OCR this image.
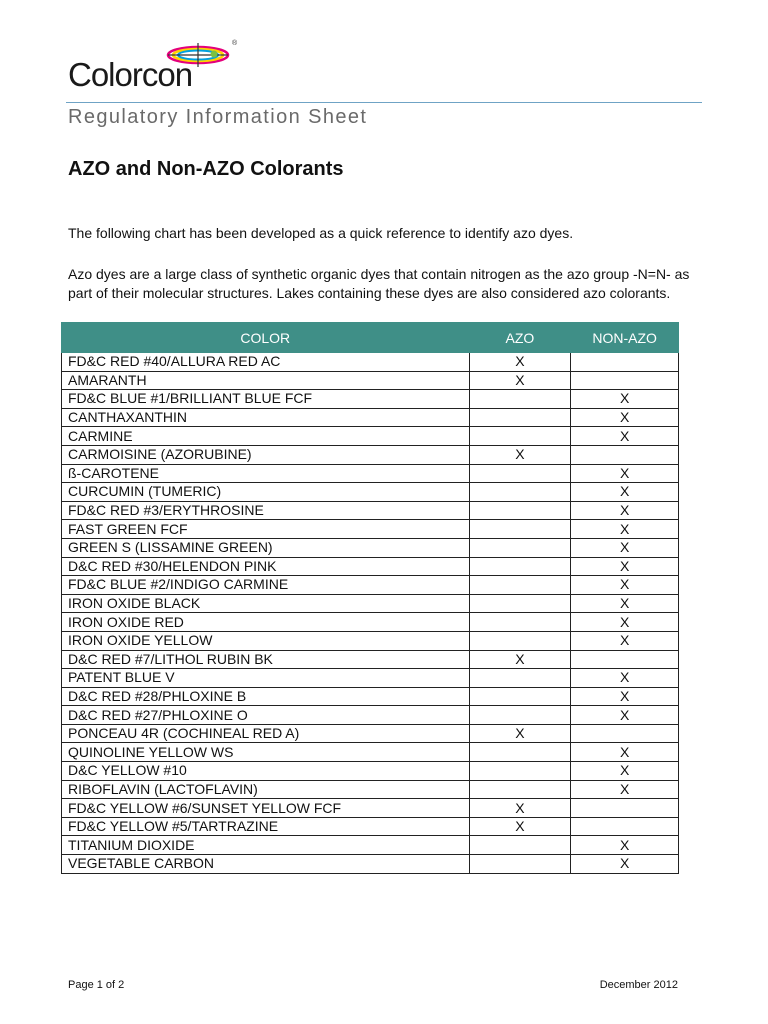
Colorcon
®
Regulatory Information Sheet
AZO and Non-AZO Colorants

The following chart has been developed as a quick reference to identify azo dyes.

Azo dyes are a large class of synthetic organic dyes that contain nitrogen as the azo group -N=N- as part of their molecular structures. Lakes containing these dyes are also considered azo colorants.

COLOR	AZO	NON-AZO
FD&C RED #40/ALLURA RED AC	X	
AMARANTH	X	
FD&C BLUE #1/BRILLIANT BLUE FCF		X
CANTHAXANTHIN		X
CARMINE		X
CARMOISINE (AZORUBINE)	X	
ß-CAROTENE		X
CURCUMIN (TUMERIC)		X
FD&C RED #3/ERYTHROSINE		X
FAST GREEN FCF		X
GREEN S (LISSAMINE GREEN)		X
D&C RED #30/HELENDON PINK		X
FD&C BLUE #2/INDIGO CARMINE		X
IRON OXIDE BLACK		X
IRON OXIDE RED		X
IRON OXIDE YELLOW		X
D&C RED #7/LITHOL RUBIN BK	X	
PATENT BLUE V		X
D&C RED #28/PHLOXINE B		X
D&C RED #27/PHLOXINE O		X
PONCEAU 4R (COCHINEAL RED A)	X	
QUINOLINE YELLOW WS		X
D&C YELLOW #10		X
RIBOFLAVIN (LACTOFLAVIN)		X
FD&C YELLOW #6/SUNSET YELLOW FCF	X	
FD&C YELLOW #5/TARTRAZINE	X	
TITANIUM DIOXIDE		X
VEGETABLE CARBON		X
Page 1 of 2	December 2012
